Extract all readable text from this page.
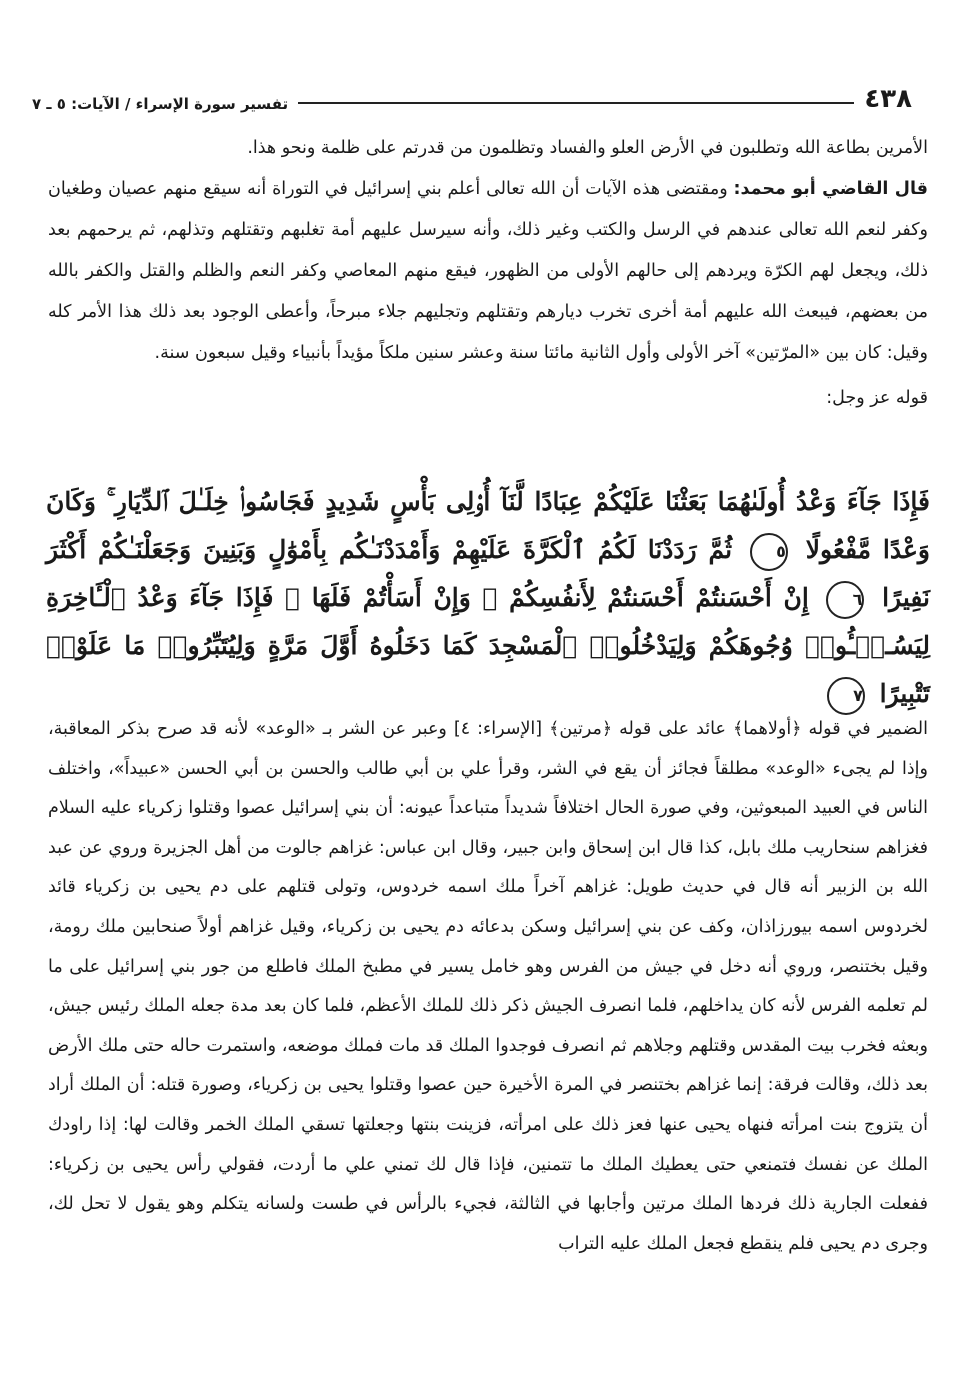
٤٣٨
تفسير سورة الإسراء / الآيات: ٥ ـ ٧

الأمرين بطاعة الله وتطلبون في الأرض العلو والفساد وتظلمون من قدرتم على ظلمة ونحو هذا.

قال القاضي أبو محمد: ومقتضى هذه الآيات أن الله تعالى أعلم بني إسرائيل في التوراة أنه سيقع منهم عصيان وطغيان وكفر لنعم الله تعالى عندهم في الرسل والكتب وغير ذلك، وأنه سيرسل عليهم أمة تغلبهم وتقتلهم وتذلهم، ثم يرحمهم بعد ذلك، ويجعل لهم الكرّة ويردهم إلى حالهم الأولى من الظهور، فيقع منهم المعاصي وكفر النعم والظلم والقتل والكفر بالله من بعضهم، فيبعث الله عليهم أمة أخرى تخرب ديارهم وتقتلهم وتجليهم جلاء مبرحاً، وأعطى الوجود بعد ذلك هذا الأمر كله وقيل: كان بين «المرّتين» آخر الأولى وأول الثانية مائتا سنة وعشر سنين ملكاً مؤيداً بأنبياء وقيل سبعون سنة.

قوله عز وجل:

فَإِذَا جَآءَ وَعْدُ أُولَىٰهُمَا بَعَثْنَا عَلَيْكُمْ عِبَادًا لَّنَآ أُو۟لِى بَأْسٍ شَدِيدٍ فَجَاسُوا۟ خِلَـٰلَ ٱلدِّيَارِ ۚ وَكَانَ وَعْدًا مَّفْعُولًا ٥ ثُمَّ رَدَدْنَا لَكُمُ ٱلْكَرَّةَ عَلَيْهِمْ وَأَمْدَدْنَـٰكُم بِأَمْوَٰلٍ وَبَنِينَ وَجَعَلْنَـٰكُمْ أَكْثَرَ نَفِيرًا ٦ إِنْ أَحْسَنتُمْ أَحْسَنتُمْ لِأَنفُسِكُمْ ۖ وَإِنْ أَسَأْتُمْ فَلَهَا ۚ فَإِذَا جَآءَ وَعْدُ ٱلْـَٔاخِرَةِ لِيَسُـۥٓـُٔوا۟ وُجُوهَكُمْ وَلِيَدْخُلُوا۟ ٱلْمَسْجِدَ كَمَا دَخَلُوهُ أَوَّلَ مَرَّةٍ وَلِيُتَبِّرُوا۟ مَا عَلَوْا۟ تَتْبِيرًا ٧

الضمير في قوله ﴿أولاهما﴾ عائد على قوله ﴿مرتين﴾ [الإسراء: ٤] وعبر عن الشر بـ «الوعد» لأنه قد صرح بذكر المعاقبة، وإذا لم يجىء «الوعد» مطلقاً فجائز أن يقع في الشر، وقرأ علي بن أبي طالب والحسن بن أبي الحسن «عبيداً»، واختلف الناس في العبيد المبعوثين، وفي صورة الحال اختلافاً شديداً متباعداً عيونه: أن بني إسرائيل عصوا وقتلوا زكرياء عليه السلام فغزاهم سنحاريب ملك بابل، كذا قال ابن إسحاق وابن جبير، وقال ابن عباس: غزاهم جالوت من أهل الجزيرة وروي عن عبد الله بن الزبير أنه قال في حديث طويل: غزاهم آخراً ملك اسمه خردوس، وتولى قتلهم على دم يحيى بن زكرياء قائد لخردوس اسمه بيورزاذان، وكف عن بني إسرائيل وسكن بدعائه دم يحيى بن زكرياء، وقيل غزاهم أولاً صنحابين ملك رومة، وقيل بختنصر، وروي أنه دخل في جيش من الفرس وهو خامل يسير في مطبخ الملك فاطلع من جور بني إسرائيل على ما لم تعلمه الفرس لأنه كان يداخلهم، فلما انصرف الجيش ذكر ذلك للملك الأعظم، فلما كان بعد مدة جعله الملك رئيس جيش، وبعثه فخرب بيت المقدس وقتلهم وجلاهم ثم انصرف فوجدوا الملك قد مات فملك موضعه، واستمرت حاله حتى ملك الأرض بعد ذلك، وقالت فرقة: إنما غزاهم بختنصر في المرة الأخيرة حين عصوا وقتلوا يحيى بن زكرياء، وصورة قتله: أن الملك أراد أن يتزوج بنت امرأته فنهاه يحيى عنها فعز ذلك على امرأته، فزينت بنتها وجعلتها تسقي الملك الخمر وقالت لها: إذا راودك الملك عن نفسك فتمنعي حتى يعطيك الملك ما تتمنين، فإذا قال لك تمني علي ما أردت، فقولي رأس يحيى بن زكرياء: ففعلت الجارية ذلك فردها الملك مرتين وأجابها في الثالثة، فجيء بالرأس في طست ولسانه يتكلم وهو يقول لا تحل لك، وجرى دم يحيى فلم ينقطع فجعل الملك عليه التراب
